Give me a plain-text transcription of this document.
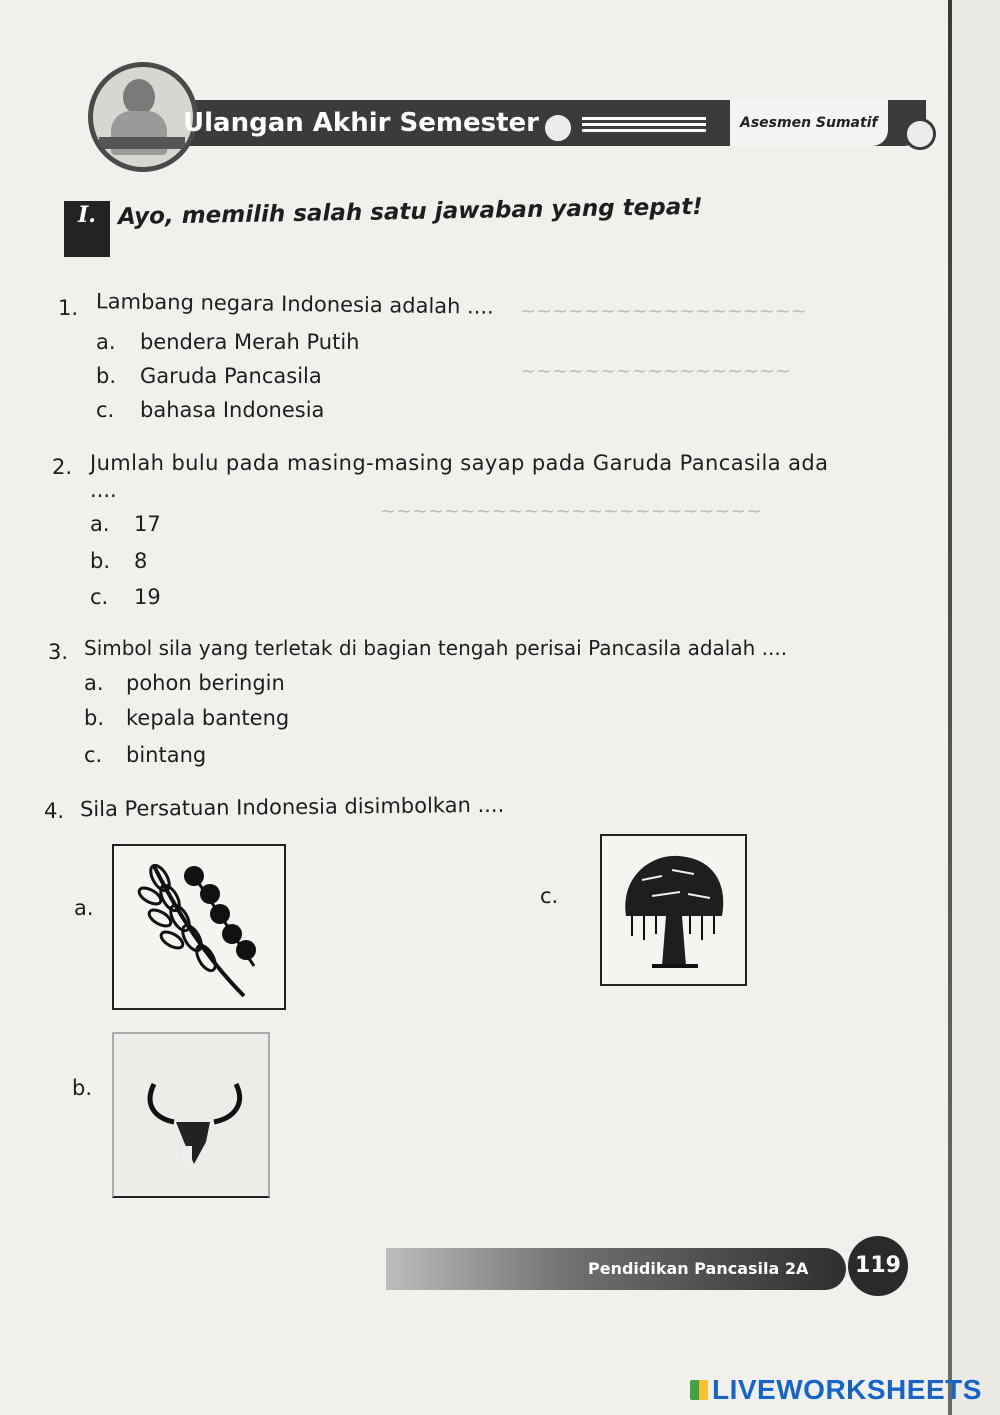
~~~~~~~~~~~~~~~~~~
~~~~~~~~~~~~~~~~~
~~~~~~~~~~~~~~~~~~~~~~~~
Ulangan Akhir Semester	Asesmen Sumatif
I. Ayo, memilih salah satu jawaban yang tepat!
1. Lambang negara Indonesia adalah ....
a. bendera Merah Putih
b. Garuda Pancasila
c. bahasa Indonesia
2. Jumlah bulu pada masing-masing sayap pada Garuda Pancasila ada
....
a. 17
b. 8
c. 19
3. Simbol sila yang terletak di bagian tengah perisai Pancasila adalah ....
a. pohon beringin
b. kepala banteng
c. bintang
4. Sila Persatuan Indonesia disimbolkan ....
a.
b.
c.
Pendidikan Pancasila 2A	119
LIVEWORKSHEETS
